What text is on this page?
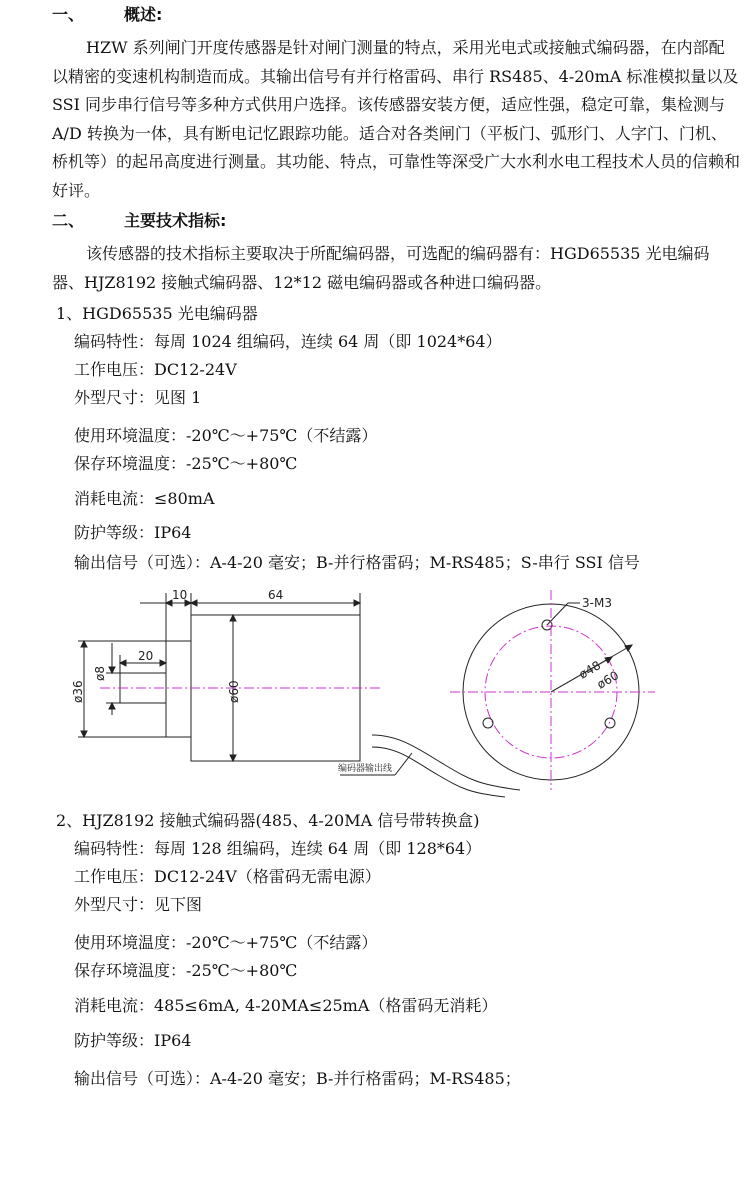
一、	概述:
HZW 系列闸门开度传感器是针对闸门测量的特点，采用光电式或接触式编码器，在内部配以精密的变速机构制造而成。其输出信号有并行格雷码、串行 RS485、4-20mA 标准模拟量以及 SSI 同步串行信号等多种方式供用户选择。该传感器安装方便，适应性强，稳定可靠，集检测与 A/D 转换为一体，具有断电记忆跟踪功能。适合对各类闸门（平板门、弧形门、人字门、门机、桥机等）的起吊高度进行测量。其功能、特点，可靠性等深受广大水利水电工程技术人员的信赖和好评。
二、	主要技术指标:
该传感器的技术指标主要取决于所配编码器，可选配的编码器有：HGD65535 光电编码器、HJZ8192 接触式编码器、12*12 磁电编码器或各种进口编码器。
1、HGD65535 光电编码器
编码特性：每周 1024 组编码，连续 64 周（即 1024*64）
工作电压：DC12-24V
外型尺寸：见图 1
使用环境温度：-20℃～+75℃（不结露）
保存环境温度：-25℃～+80℃
消耗电流：≤80mA
防护等级：IP64
输出信号（可选）：A-4-20 毫安；B-并行格雷码；M-RS485；S-串行 SSI 信号
10	64
20
ø8
ø36	ø60
编码器输出线
3-M3
ø48
ø60
2、HJZ8192 接触式编码器(485、4-20MA 信号带转换盒)
编码特性：每周 128 组编码，连续 64 周（即 128*64）
工作电压：DC12-24V（格雷码无需电源）
外型尺寸：见下图
使用环境温度：-20℃～+75℃（不结露）
保存环境温度：-25℃～+80℃
消耗电流：485≤6mA, 4-20MA≤25mA（格雷码无消耗）
防护等级：IP64
输出信号（可选）：A-4-20 毫安；B-并行格雷码；M-RS485；
